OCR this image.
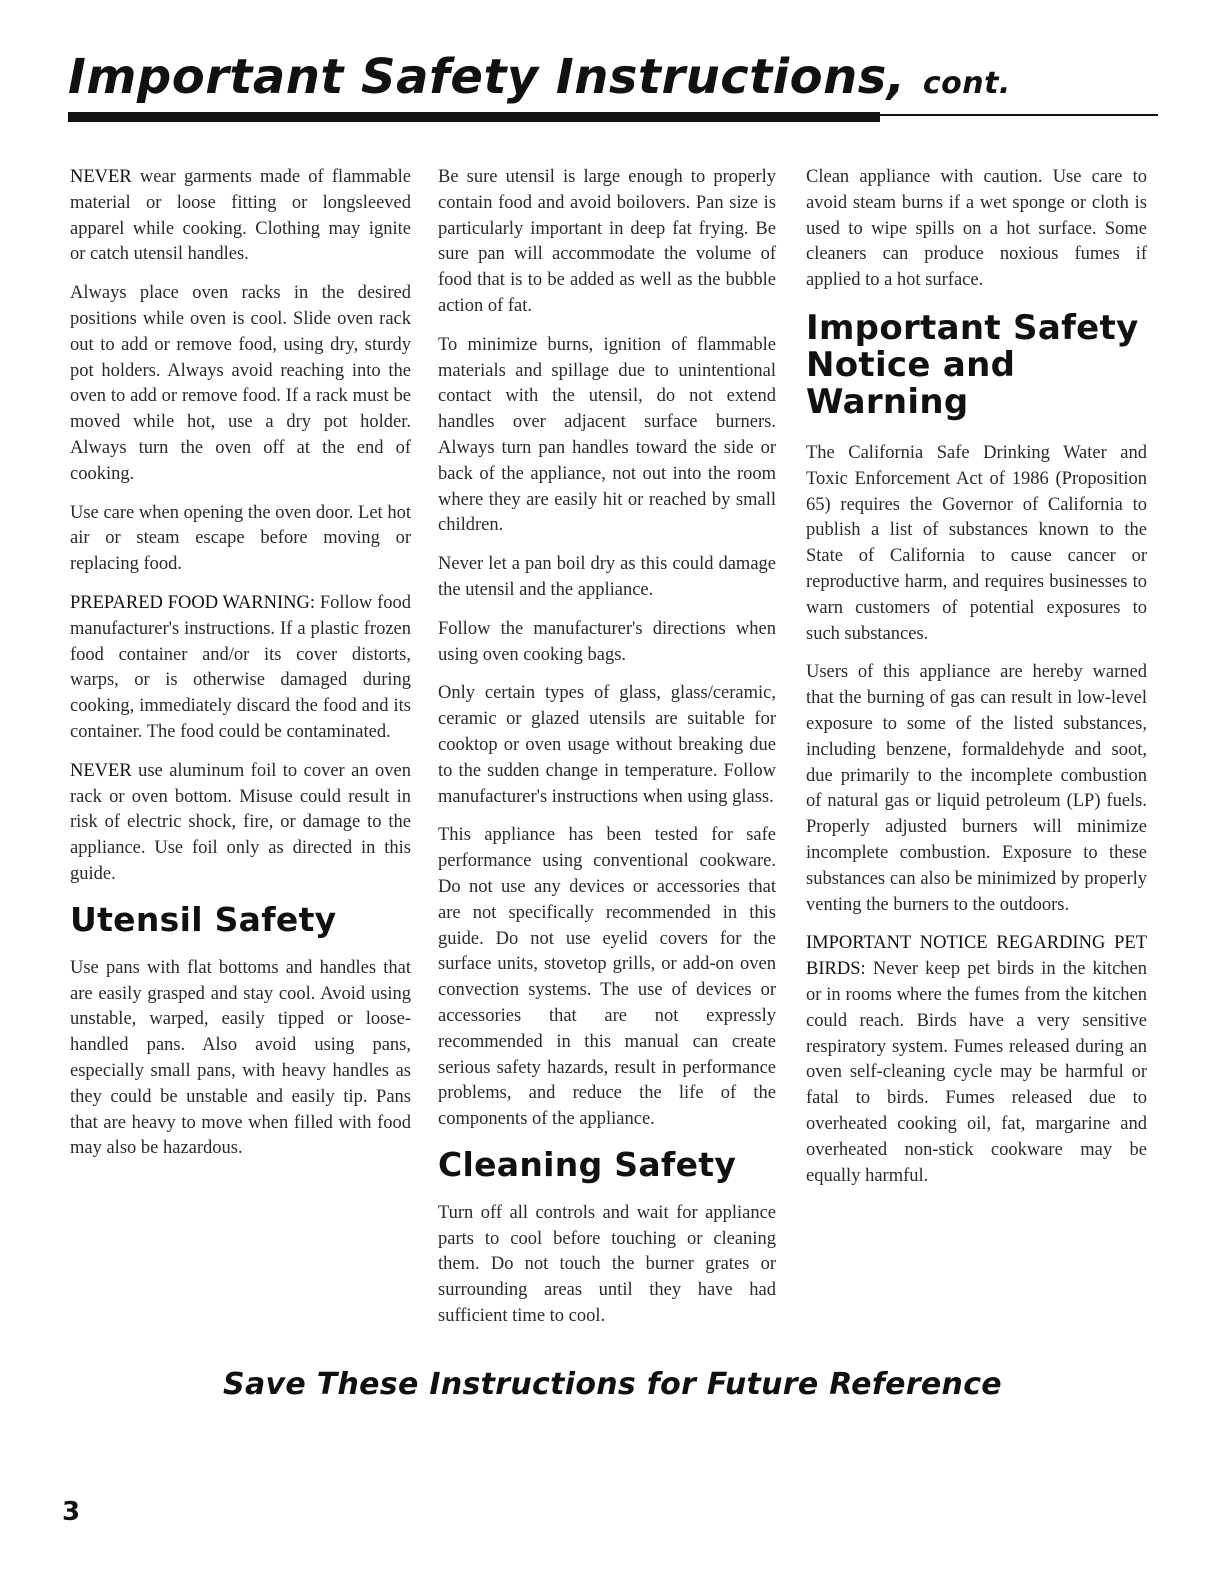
Important Safety Instructions, cont.

NEVER wear garments made of flammable material or loose fitting or longsleeved apparel while cooking. Clothing may ignite or catch utensil handles.

Always place oven racks in the desired positions while oven is cool. Slide oven rack out to add or remove food, using dry, sturdy pot holders. Always avoid reaching into the oven to add or remove food. If a rack must be moved while hot, use a dry pot holder. Always turn the oven off at the end of cooking.

Use care when opening the oven door. Let hot air or steam escape before moving or replacing food.

PREPARED FOOD WARNING: Follow food manufacturer's instructions. If a plastic frozen food container and/or its cover distorts, warps, or is otherwise damaged during cooking, immediately discard the food and its container. The food could be contaminated.

NEVER use aluminum foil to cover an oven rack or oven bottom. Misuse could result in risk of electric shock, fire, or damage to the appliance. Use foil only as directed in this guide.

Utensil Safety

Use pans with flat bottoms and handles that are easily grasped and stay cool. Avoid using unstable, warped, easily tipped or loose-handled pans. Also avoid using pans, especially small pans, with heavy handles as they could be unstable and easily tip. Pans that are heavy to move when filled with food may also be hazardous.

Be sure utensil is large enough to properly contain food and avoid boilovers. Pan size is particularly important in deep fat frying. Be sure pan will accommodate the volume of food that is to be added as well as the bubble action of fat.

To minimize burns, ignition of flammable materials and spillage due to unintentional contact with the utensil, do not extend handles over adjacent surface burners. Always turn pan handles toward the side or back of the appliance, not out into the room where they are easily hit or reached by small children.

Never let a pan boil dry as this could damage the utensil and the appliance.

Follow the manufacturer's directions when using oven cooking bags.

Only certain types of glass, glass/ceramic, ceramic or glazed utensils are suitable for cooktop or oven usage without breaking due to the sudden change in temperature. Follow manufacturer's instructions when using glass.

This appliance has been tested for safe performance using conventional cookware. Do not use any devices or accessories that are not specifically recommended in this guide. Do not use eyelid covers for the surface units, stovetop grills, or add-on oven convection systems. The use of devices or accessories that are not expressly recommended in this manual can create serious safety hazards, result in performance problems, and reduce the life of the components of the appliance.

Cleaning Safety

Turn off all controls and wait for appliance parts to cool before touching or cleaning them. Do not touch the burner grates or surrounding areas until they have had sufficient time to cool.

Clean appliance with caution. Use care to avoid steam burns if a wet sponge or cloth is used to wipe spills on a hot surface. Some cleaners can produce noxious fumes if applied to a hot surface.

Important Safety Notice and Warning

The California Safe Drinking Water and Toxic Enforcement Act of 1986 (Proposition 65) requires the Governor of California to publish a list of substances known to the State of California to cause cancer or reproductive harm, and requires businesses to warn customers of potential exposures to such substances.

Users of this appliance are hereby warned that the burning of gas can result in low-level exposure to some of the listed substances, including benzene, formaldehyde and soot, due primarily to the incomplete combustion of natural gas or liquid petroleum (LP) fuels. Properly adjusted burners will minimize incomplete combustion. Exposure to these substances can also be minimized by properly venting the burners to the outdoors.

IMPORTANT NOTICE REGARDING PET BIRDS: Never keep pet birds in the kitchen or in rooms where the fumes from the kitchen could reach. Birds have a very sensitive respiratory system. Fumes released during an oven self-cleaning cycle may be harmful or fatal to birds. Fumes released due to overheated cooking oil, fat, margarine and overheated non-stick cookware may be equally harmful.

Save These Instructions for Future Reference
3
